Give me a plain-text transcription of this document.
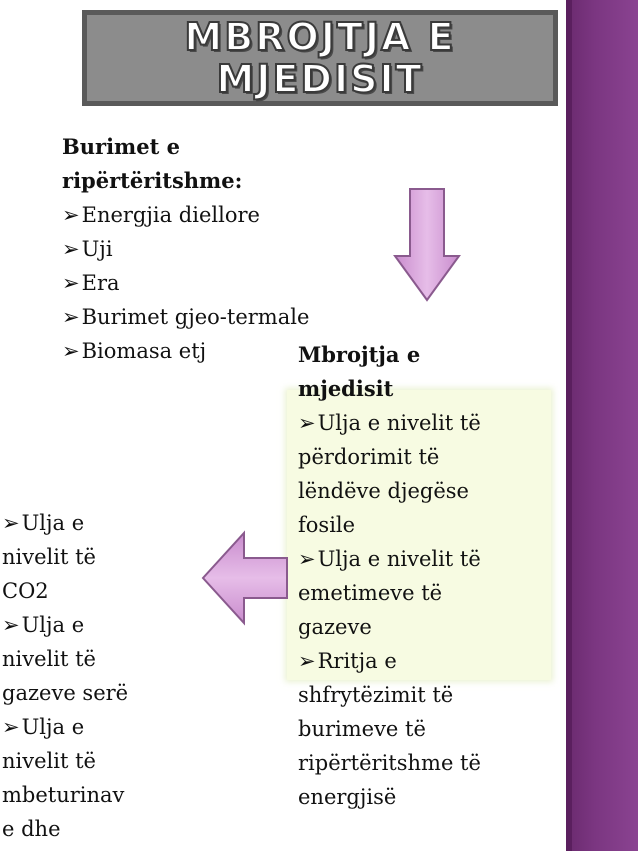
MBROJTJA E
MJEDISIT
Burimet e
ripërtëritshme:
➢ Energjia diellore
➢ Uji
➢ Era
➢ Burimet gjeo-termale
➢ Biomasa etj	Mbrojtja e
mjedisit
➢ Ulja e nivelit të
përdorimit të
lëndëve djegëse
fosile
➢ Ulja e nivelit të
emetimeve të
gazeve
➢ Rritja e
shfrytëzimit të
burimeve të
ripërtëritshme të
energjisë
➢ Ulja e
nivelit të
CO2
➢ Ulja e
nivelit të
gazeve serë
➢ Ulja e
nivelit të
mbeturinav
e dhe
